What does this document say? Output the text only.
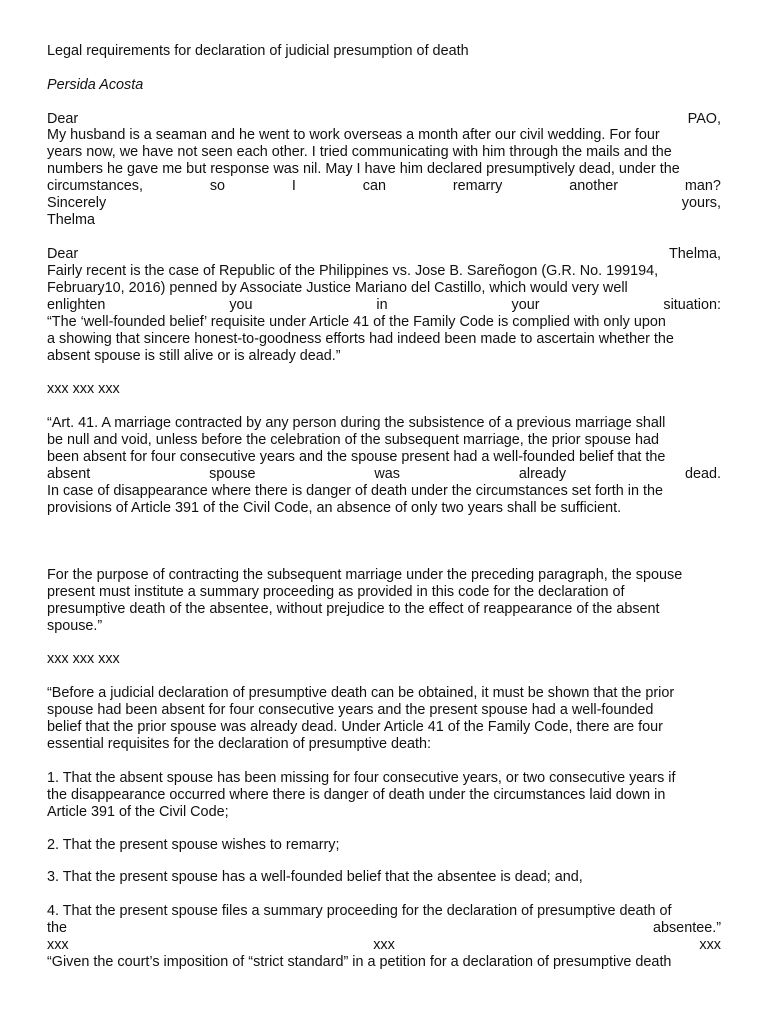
Legal requirements for declaration of judicial presumption of death
Persida Acosta
Dear	PAO,
My husband is a seaman and he went to work overseas a month after our civil wedding. For four
years now, we have not seen each other. I tried communicating with him through the mails and the
numbers he gave me but response was nil. May I have him declared presumptively dead, under the
circumstances,	so	I	can	remarry	another	man?
Sincerely	yours,
Thelma
Dear	Thelma,
Fairly recent is the case of Republic of the Philippines vs. Jose B. Sareñogon (G.R. No. 199194,
February10, 2016) penned by Associate Justice Mariano del Castillo, which would very well
enlighten	you	in	your	situation:
“The ‘well-founded belief’ requisite under Article 41 of the Family Code is complied with only upon
a showing that sincere honest-to-goodness efforts had indeed been made to ascertain whether the
absent spouse is still alive or is already dead.”
xxx xxx xxx
“Art. 41. A marriage contracted by any person during the subsistence of a previous marriage shall
be null and void, unless before the celebration of the subsequent marriage, the prior spouse had
been absent for four consecutive years and the spouse present had a well-founded belief that the
absent	spouse	was	already	dead.
In case of disappearance where there is danger of death under the circumstances set forth in the
provisions of Article 391 of the Civil Code, an absence of only two years shall be sufficient.
For the purpose of contracting the subsequent marriage under the preceding paragraph, the spouse
present must institute a summary proceeding as provided in this code for the declaration of
presumptive death of the absentee, without prejudice to the effect of reappearance of the absent
spouse.”
xxx xxx xxx
“Before a judicial declaration of presumptive death can be obtained, it must be shown that the prior
spouse had been absent for four consecutive years and the present spouse had a well-founded
belief that the prior spouse was already dead. Under Article 41 of the Family Code, there are four
essential requisites for the declaration of presumptive death:
1. That the absent spouse has been missing for four consecutive years, or two consecutive years if
the disappearance occurred where there is danger of death under the circumstances laid down in
Article 391 of the Civil Code;
2. That the present spouse wishes to remarry;
3. That the present spouse has a well-founded belief that the absentee is dead; and,
4. That the present spouse files a summary proceeding for the declaration of presumptive death of
the	absentee.”
xxx	xxx	xxx
“Given the court’s imposition of “strict standard” in a petition for a declaration of presumptive death
